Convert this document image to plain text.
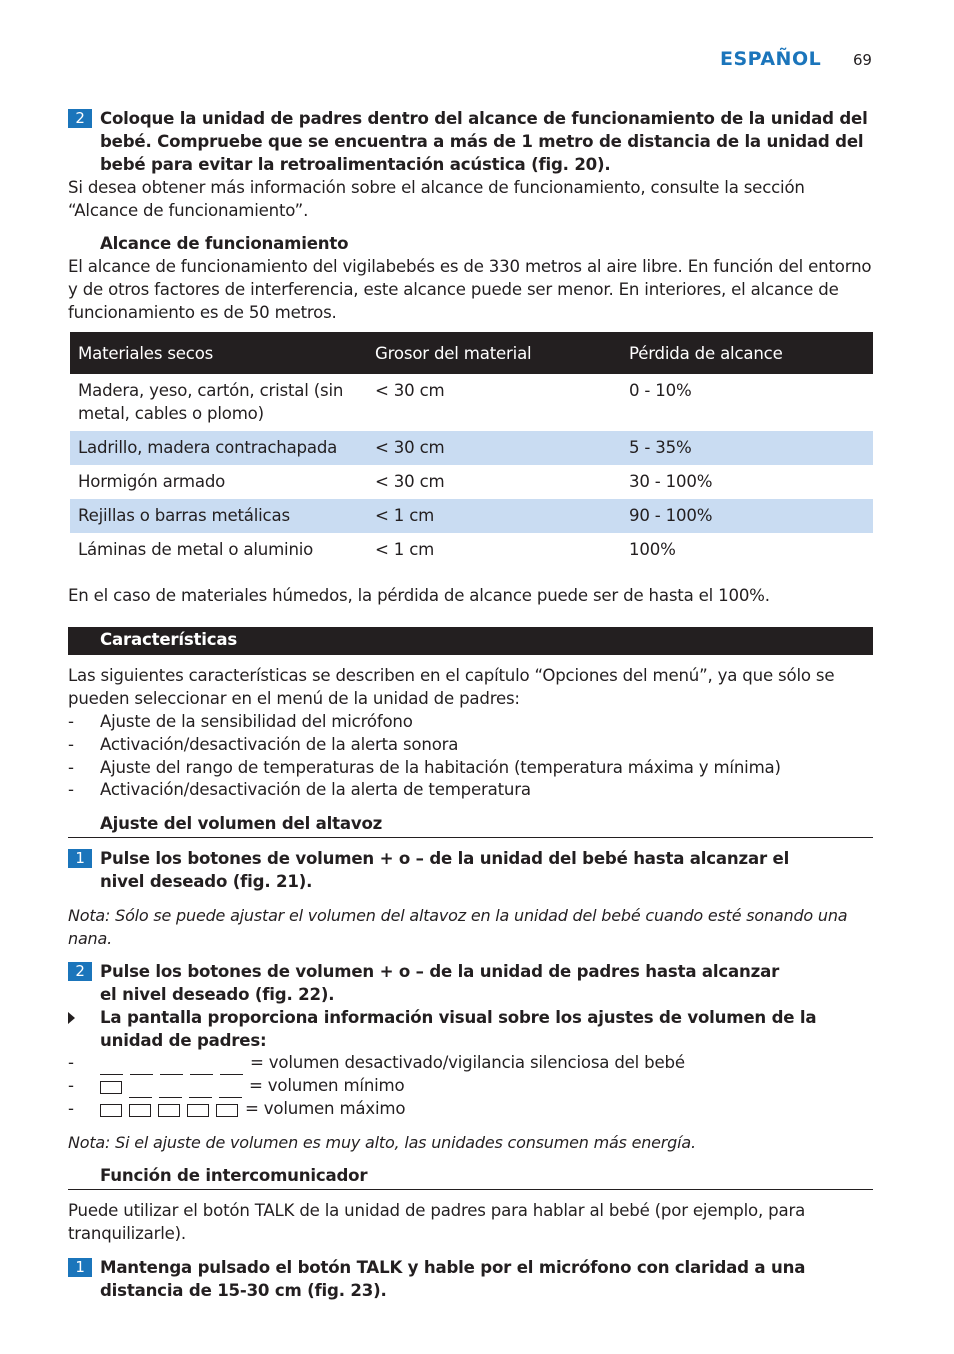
ESPAÑOL 69
2 Coloque la unidad de padres dentro del alcance de funcionamiento de la unidad del bebé. Compruebe que se encuentra a más de 1 metro de distancia de la unidad del bebé para evitar la retroalimentación acústica (fig. 20).
Si desea obtener más información sobre el alcance de funcionamiento, consulte la sección “Alcance de funcionamiento”.
Alcance de funcionamiento
El alcance de funcionamiento del vigilabebés es de 330 metros al aire libre. En función del entorno y de otros factores de interferencia, este alcance puede ser menor. En interiores, el alcance de funcionamiento es de 50 metros.
Materiales secos	Grosor del material	Pérdida de alcance
Madera, yeso, cartón, cristal (sin metal, cables o plomo)	< 30 cm	0 - 10%
Ladrillo, madera contrachapada	< 30 cm	5 - 35%
Hormigón armado	< 30 cm	30 - 100%
Rejillas o barras metálicas	< 1 cm	90 - 100%
Láminas de metal o aluminio	< 1 cm	100%
En el caso de materiales húmedos, la pérdida de alcance puede ser de hasta el 100%.
Características
Las siguientes características se describen en el capítulo “Opciones del menú”, ya que sólo se pueden seleccionar en el menú de la unidad de padres:
- Ajuste de la sensibilidad del micrófono
- Activación/desactivación de la alerta sonora
- Ajuste del rango de temperaturas de la habitación (temperatura máxima y mínima)
- Activación/desactivación de la alerta de temperatura
Ajuste del volumen del altavoz
1 Pulse los botones de volumen + o – de la unidad del bebé hasta alcanzar el nivel deseado (fig. 21).
Nota: Sólo se puede ajustar el volumen del altavoz en la unidad del bebé cuando esté sonando una nana.
2 Pulse los botones de volumen + o – de la unidad de padres hasta alcanzar el nivel deseado (fig. 22).
La pantalla proporciona información visual sobre los ajustes de volumen de la unidad de padres:
-	= volumen desactivado/vigilancia silenciosa del bebé
-	= volumen mínimo
-	= volumen máximo
Nota: Si el ajuste de volumen es muy alto, las unidades consumen más energía.
Función de intercomunicador
Puede utilizar el botón TALK de la unidad de padres para hablar al bebé (por ejemplo, para tranquilizarle).
1 Mantenga pulsado el botón TALK y hable por el micrófono con claridad a una distancia de 15-30 cm (fig. 23).
